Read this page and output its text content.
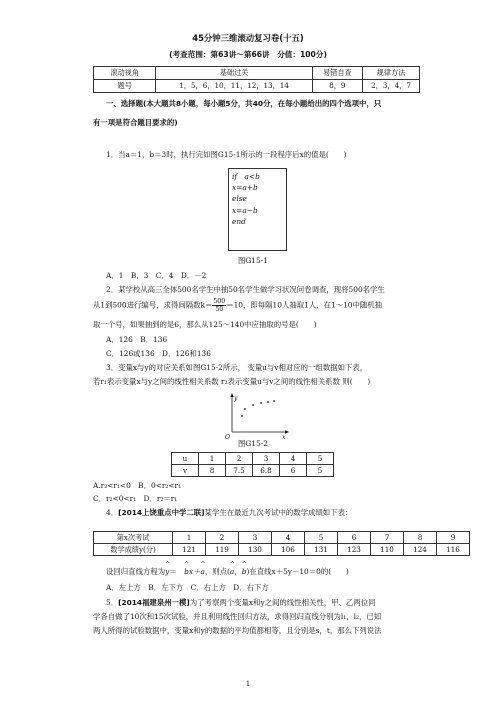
45分钟三维滚动复习卷(十五)
(考查范围：第63讲～第66讲　分值：100分)
滚动视角	基础过关	易错自查	规律方法
题号	1，5，6，10，11，12，13，14	8，9	2，3，4，7
一、选择题(本大题共8小题，每小题5分，共40分，在每小题给出的四个选项中，只
有一项是符合题目要求的)
1．当a＝1，b＝3时，执行完如图G15-1所示的一段程序后x的值是(　　)
if　a<b
x=a+b
else
x=a−b
end
图G15-1
A．1　B．3　C．4　D．－2
2．某学校从高三全体500名学生中抽50名学生做学习状况问卷调查，现将500名学生
从1到500进行编号，求得间隔数$k= \frac{500}{50} =10$，即每隔10人抽取1人，在1～10中随机抽
取一个号，如果抽到的是6，那么从125～140中应抽取的号是(　　)
A．126　B．136
C．126或136　D．126和136
3．变量x与y的对应关系如图G15-2所示， 变量u与v相对应的一组数据如下表，
若r₁表示变量x与y之间的线性相关系数 r₂表示变量u与v之间的线性相关系数 则(　　)
y
x
O
图G15-2
u	1	2	3	4	5
v	8	7.5	6.8	6	5
A.r₂<r₁<0　B．0<r₂<r₁
C．r₂<0<r₁　D．r₂＝r₁
4．[2014上饶重点中学二联]某学生在最近九次考试中的数学成绩如下表：
第x次考试	1	2	3	4	5	6	7	8	9
数学成绩y(分)	121	119	130	106	131	123	110	124	116
设回归直线方程为^ y＝　 ^ bx＋^ a，则点(^ a，^ b)在直线x＋5y－10＝0的(　　)
A．左上方　B．左下方　C．右上方　D．右下方
5．[2014福建泉州一模]为了考察两个变量x和y之间的线性相关性，甲、乙两位同
学各自做了10次和15次试验，并且利用线性回归方法，求得回归直线分别为l₁，l₂，已知
两人所得的试验数据中，变量x和y的数据的平均值都相等，且分别是s，t，那么下列说法
1
